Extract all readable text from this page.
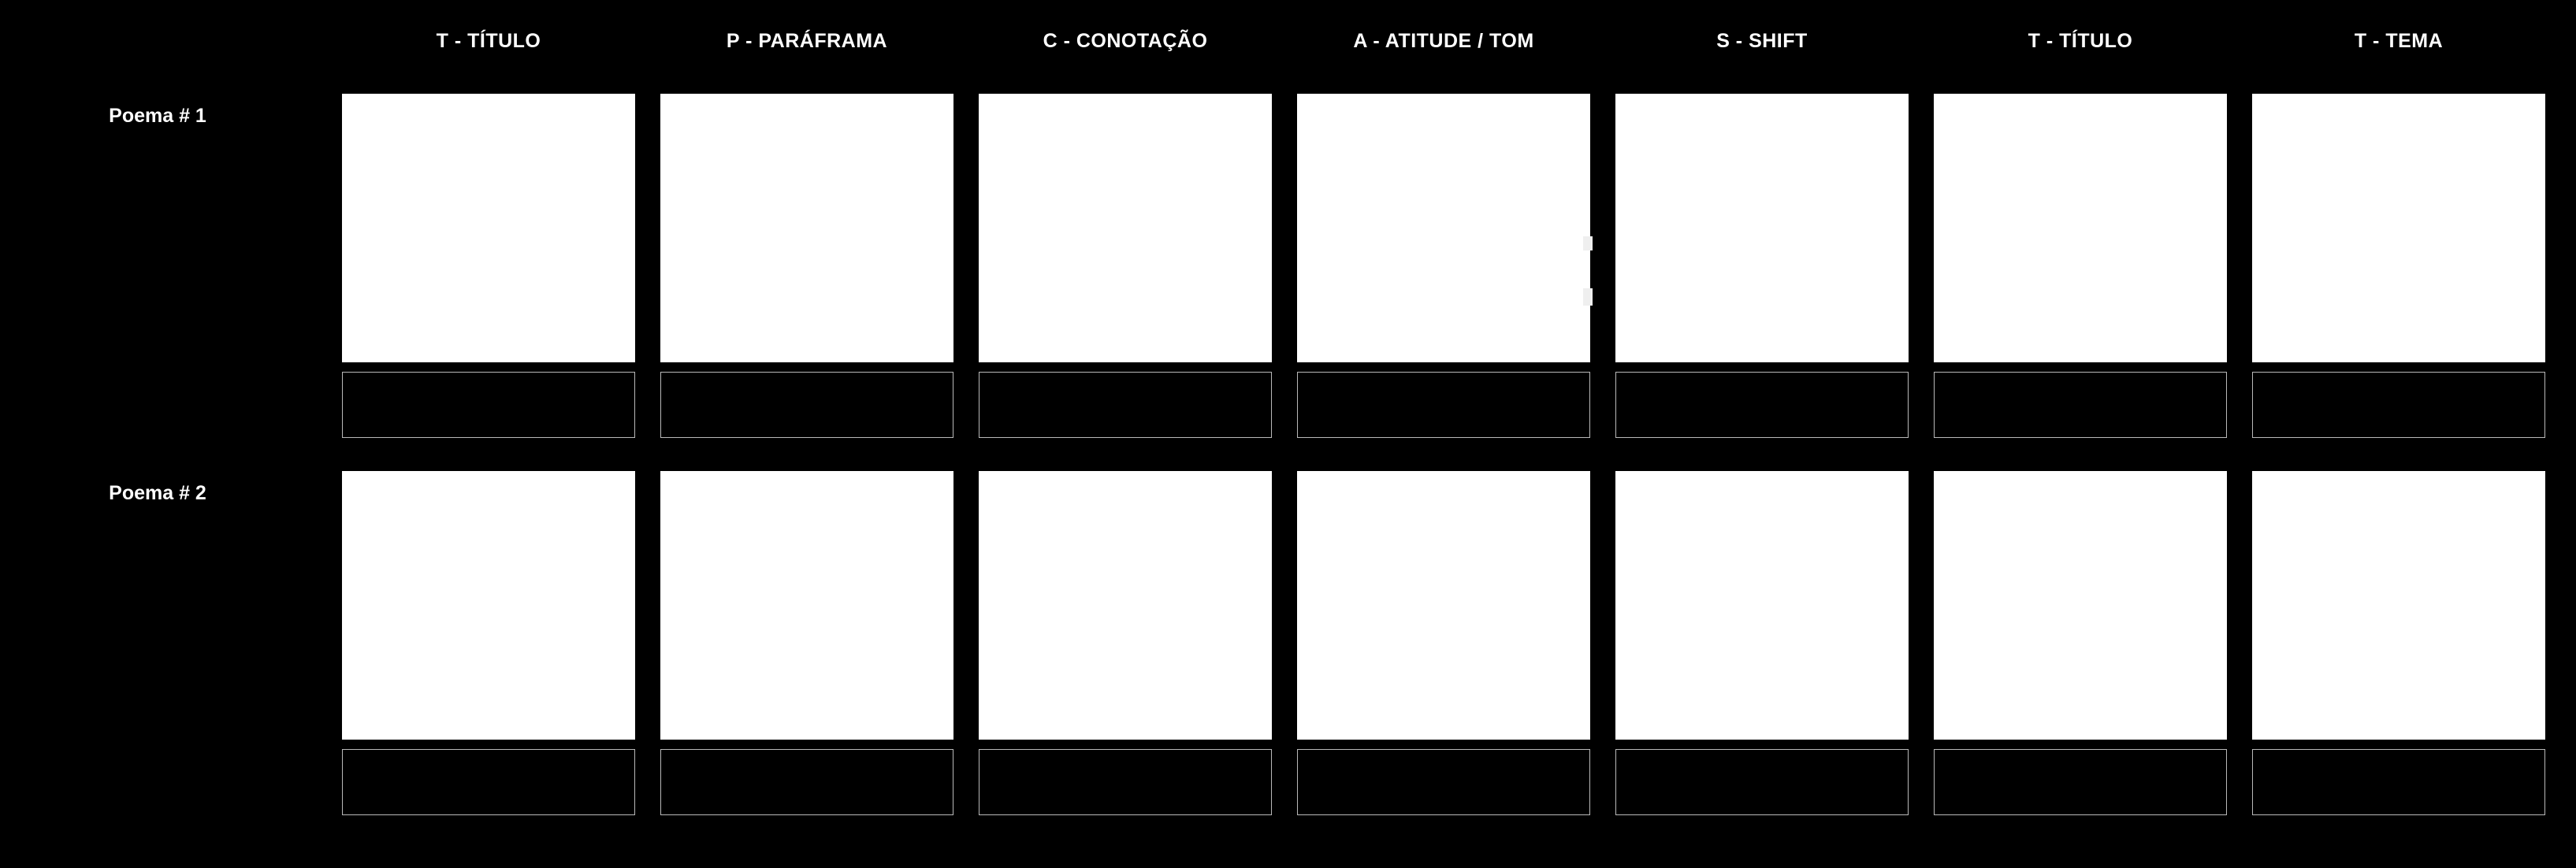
T - TÍTULO	P - PARÁFRAMA	C - CONOTAÇÃO	A - ATITUDE / TOM	S - SHIFT	T - TÍTULO	T - TEMA
Poema # 1
Poema # 2
